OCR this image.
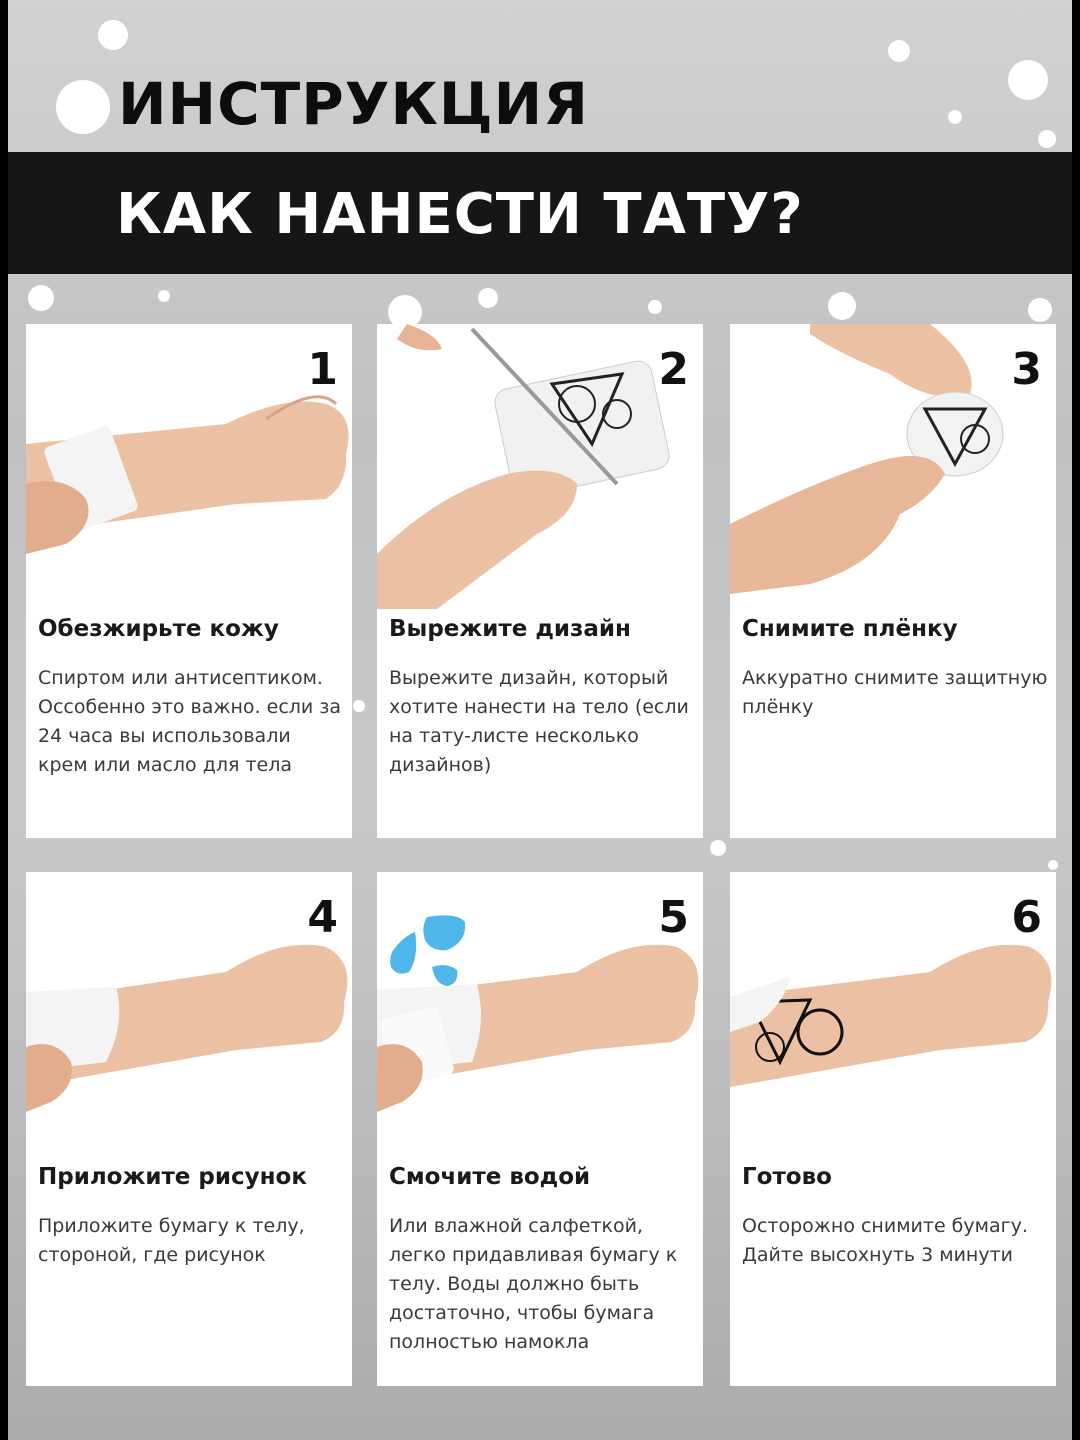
ИНСТРУКЦИЯ
КАК НАНЕСТИ ТАТУ?
1
Обезжирьте кожу
Спиртом или антисептиком. Осcобенно это важно. если за 24 часа вы использовали крем или масло для тела
2
Вырежите дизайн
Вырежите дизайн, который хотите нанести на тело (если на тату-листе несколько дизайнов)
3
Снимите плёнку
Аккуратно снимите защитную плёнку
4
Приложите рисунок
Приложите бумагу к телу, стороной, где рисунок
5
Смочите водой
Или влажной салфеткой, легко придавливая бумагу к телу. Воды должно быть достаточно, чтобы бумага полностью намокла
6
Готово
Осторожно снимите бумагу. Дайте высохнуть 3 минути
